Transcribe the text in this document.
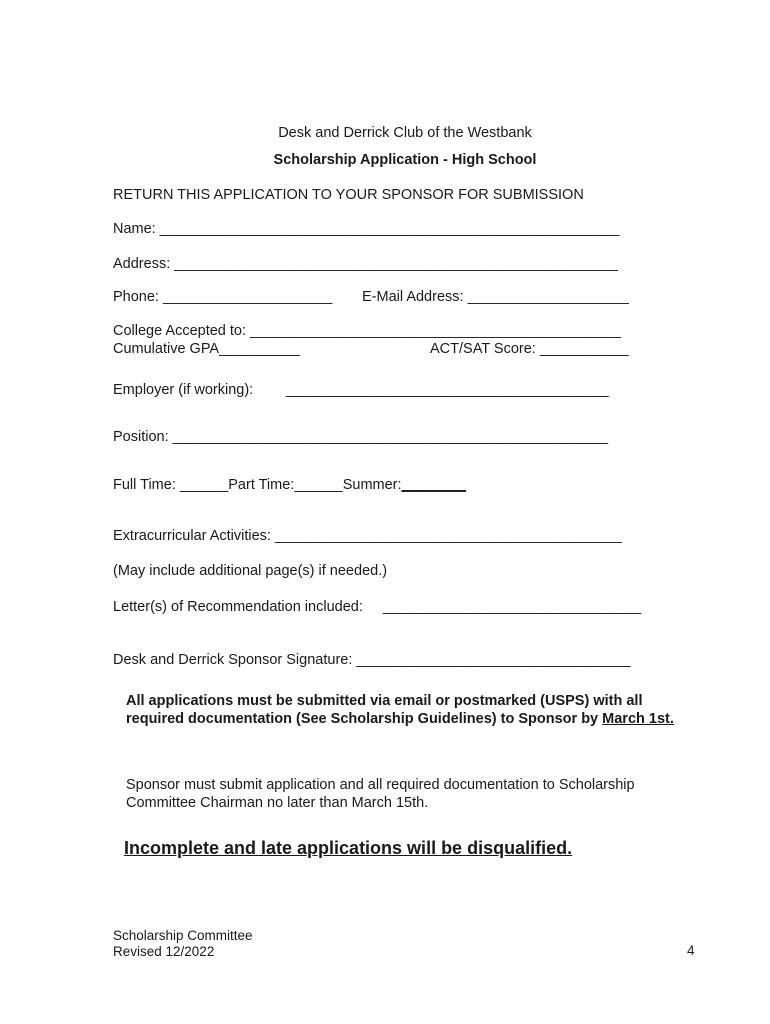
Desk and Derrick Club of the Westbank
Scholarship Application - High School
RETURN THIS APPLICATION TO YOUR SPONSOR FOR SUBMISSION
Name: _________________________________________________________
Address: _______________________________________________________
Phone: _____________________ E-Mail Address: ____________________
College Accepted to: ______________________________________________
Cumulative GPA__________	ACT/SAT Score: ___________
Employer (if working): ________________________________________
Position: ______________________________________________________
Full Time: ______Part Time:______Summer:________
Extracurricular Activities: ___________________________________________
(May include additional page(s) if needed.)
Letter(s) of Recommendation included: ________________________________
Desk and Derrick Sponsor Signature: __________________________________
All applications must be submitted via email or postmarked (USPS) with all required documentation (See Scholarship Guidelines) to Sponsor by March 1st.
Sponsor must submit application and all required documentation to Scholarship Committee Chairman no later than March 15th.
Incomplete and late applications will be disqualified.
Scholarship Committee
Revised 12/2022	4
